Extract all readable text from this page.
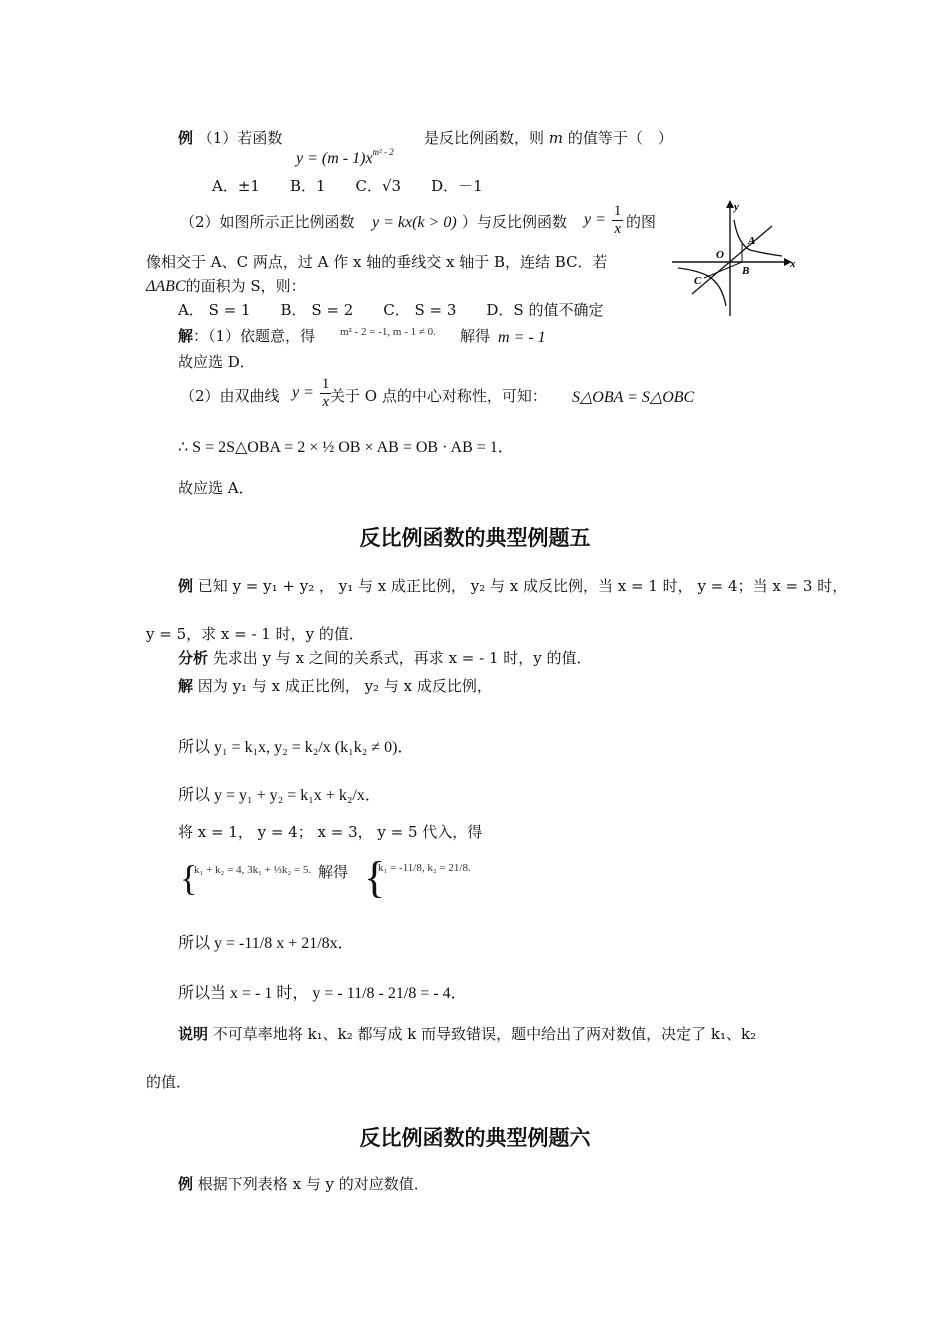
例 （1）若函数
$y = (m - 1)x^{m^2 - 2}$
是反比例函数，则 m 的值等于（　）
A．±1　　B．1　　C．√3　　D．－1
（2）如图所示正比例函数 y = kx(k > 0) ）与反比例函数 $y = \frac{1}{x}$ 的图
像相交于 A、C 两点，过 A 作 x 轴的垂线交 x 轴于 B，连结 BC．若
ΔABC的面积为 S，则：
A． S = 1　　B． S = 2　　C． S = 3　　D．S 的值不确定
y
x
A
B
C
O
解：（1）依题意，得 m² - 2 = -1, m - 1 ≠ 0.	解得 m = - 1
故应选 D．
（2）由双曲线 $y = \frac{1}{x}$
关于 O 点的中心对称性，可知： S△OBA = S△OBC
∴ S = 2S△OBA = 2 × ½ OB × AB = OB · AB = 1．
故应选 A．
反比例函数的典型例题五
例 已知 y = y₁ + y₂ ， y₁ 与 x 成正比例， y₂ 与 x 成反比例，当 x = 1 时， y = 4；当 x = 3 时，
y = 5，求 x = - 1 时，y 的值．
分析 先求出 y 与 x 之间的关系式，再求 x = - 1 时，y 的值．
解 因为 y₁ 与 x 成正比例， y₂ 与 x 成反比例，
所以 y₁ = k₁x, y₂ = k₂/x (k₁k₂ ≠ 0)．
所以 y = y₁ + y₂ = k₁x + k₂/x．
将 x = 1， y = 4； x = 3， y = 5 代入，得
{
k₁ + k₂ = 4, 3k₁ + ⅓k₂ = 5. 解得 {
k₁ = -11/8, k₂ = 21/8.
所以 y = -11/8 x + 21/8x．
所以当 x = - 1 时， y = - 11/8 - 21/8 = - 4．
说明 不可草率地将 k₁、k₂ 都写成 k 而导致错误，题中给出了两对数值，决定了 k₁、k₂
的值．
反比例函数的典型例题六
例 根据下列表格 x 与 y 的对应数值．
